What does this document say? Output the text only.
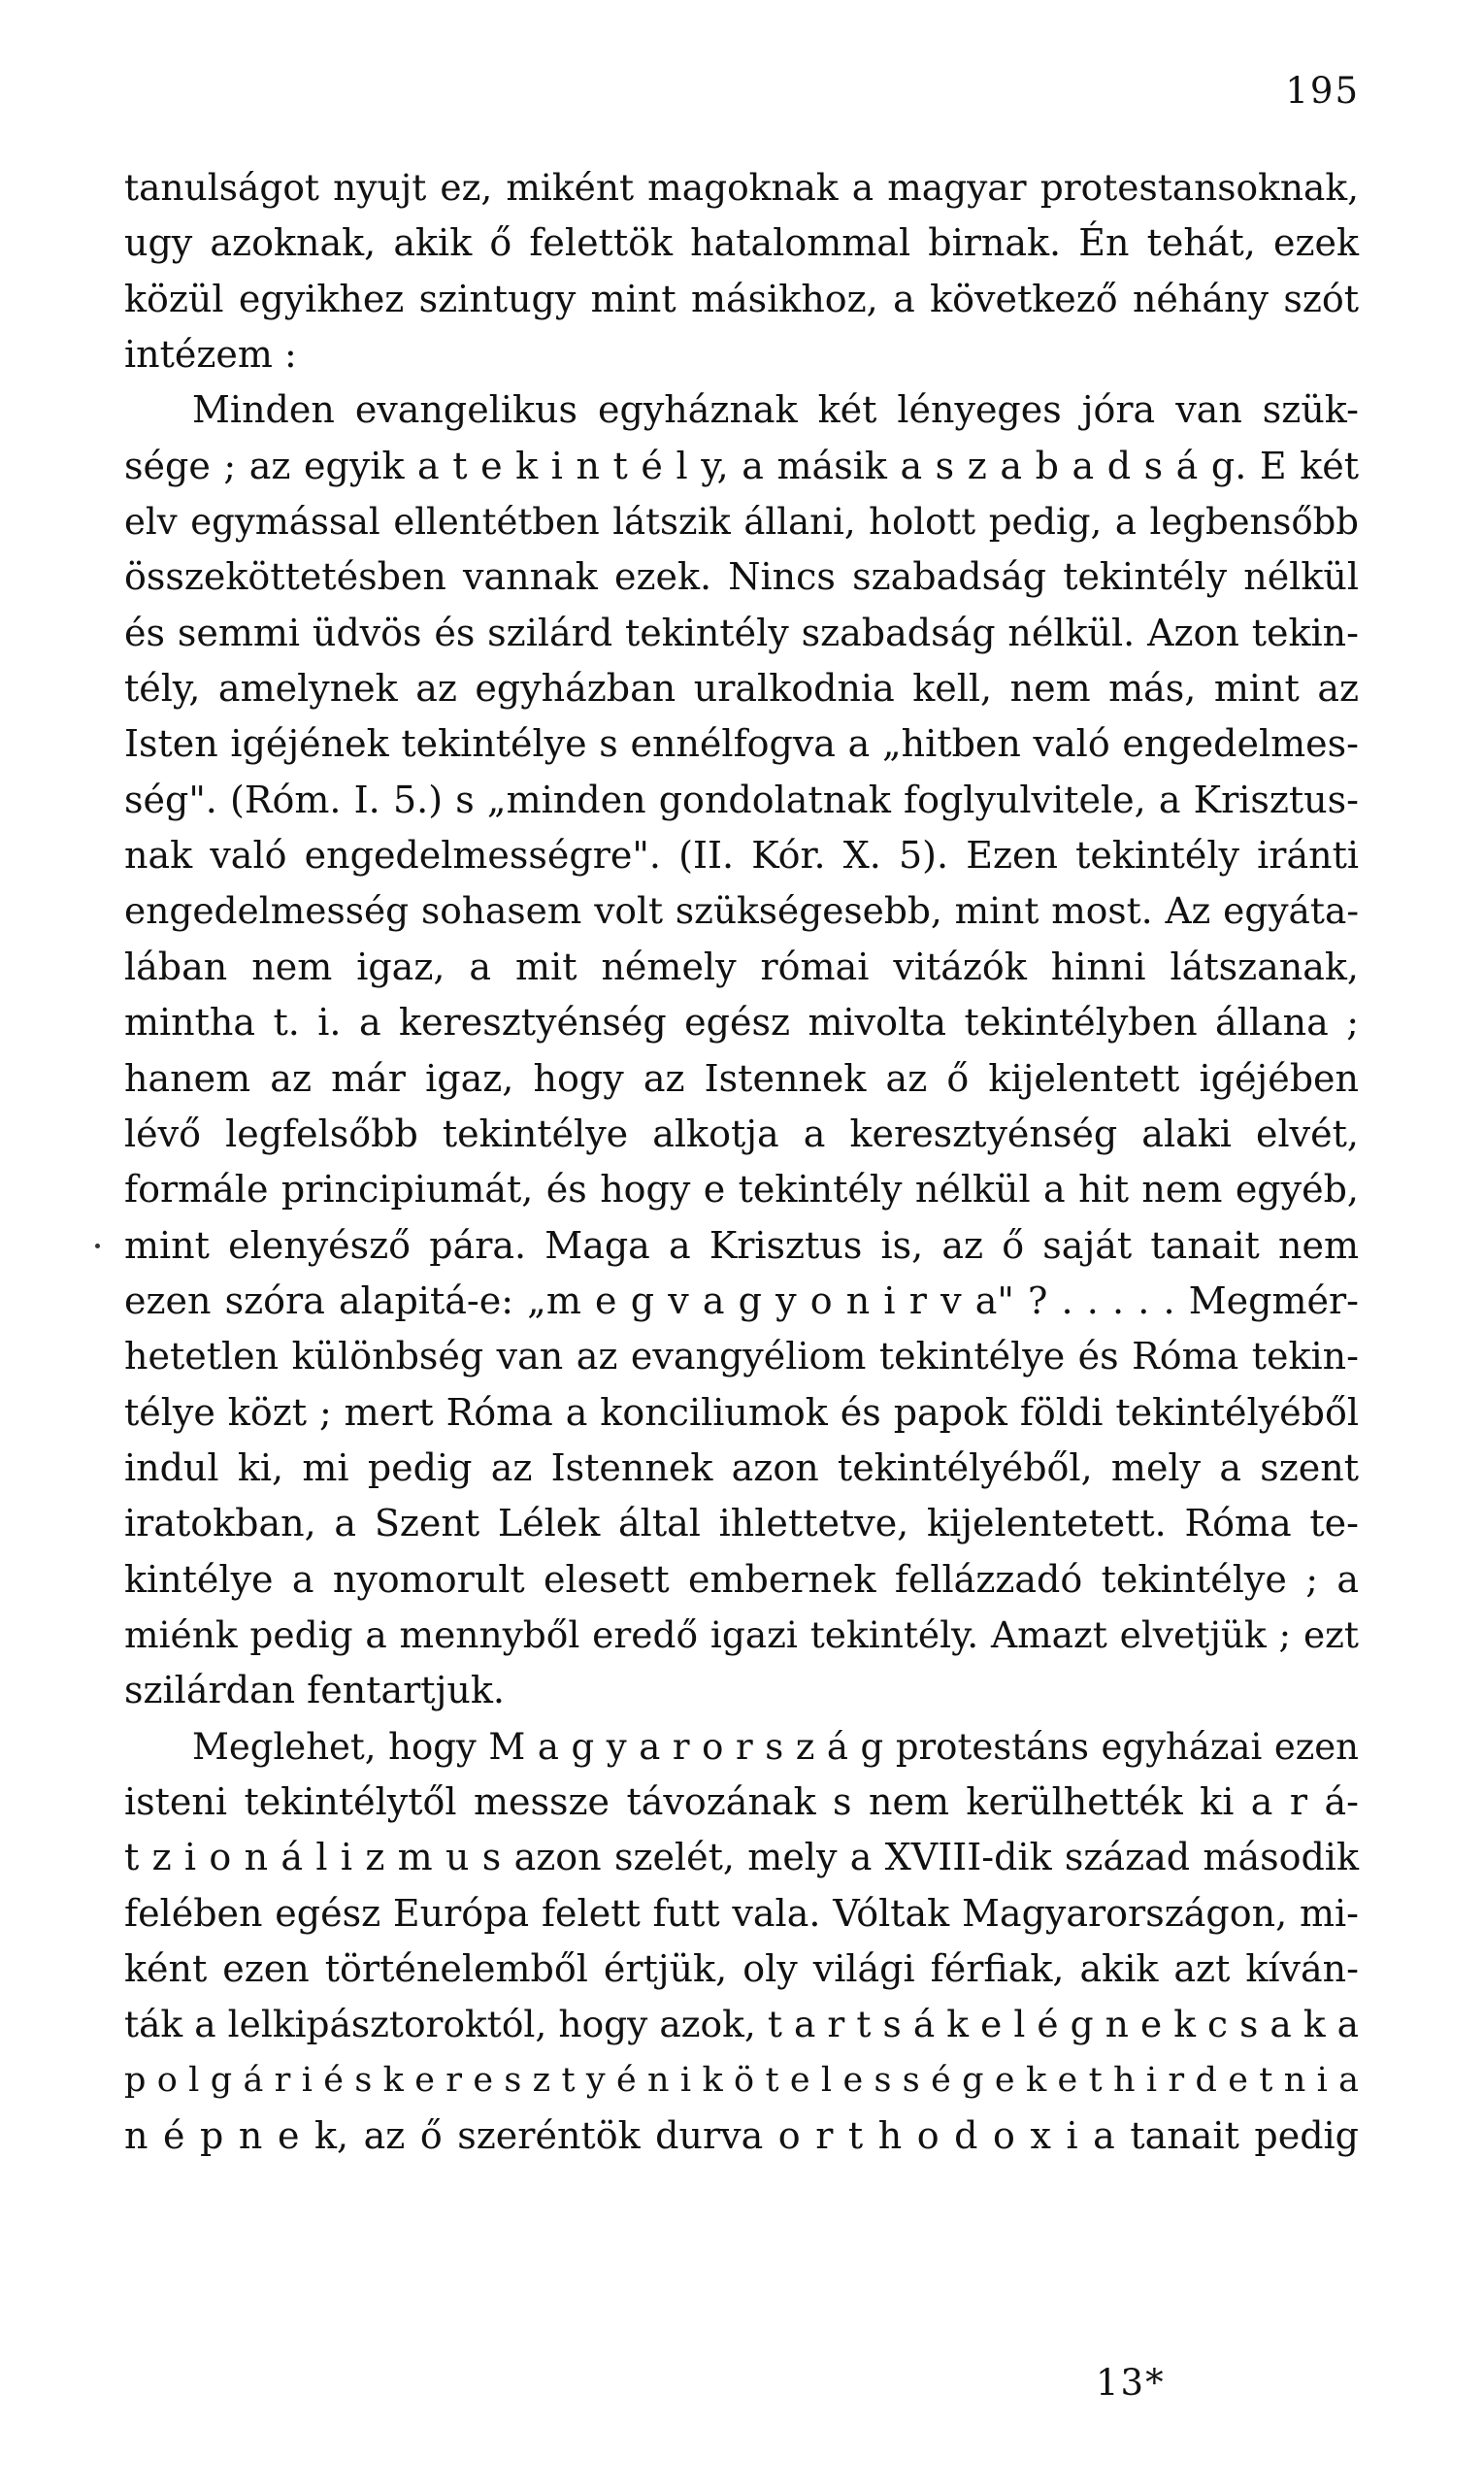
195
tanulságot nyujt ez, miként magoknak a magyar protestansoknak,
ugy azoknak, akik ő felettök hatalommal birnak. Én tehát, ezek
közül egyikhez szintugy mint másikhoz, a következő néhány szót
intézem :
Minden evangelikus egyháznak két lényeges jóra van szük-
sége ; az egyik a t e k i n t é l y, a másik a s z a b a d s á g. E két
elv egymással ellentétben látszik állani, holott pedig, a legbensőbb
összeköttetésben vannak ezek. Nincs szabadság tekintély nélkül
és semmi üdvös és szilárd tekintély szabadság nélkül. Azon tekin-
tély, amelynek az egyházban uralkodnia kell, nem más, mint az
Isten igéjének tekintélye s ennélfogva a „hitben való engedelmes-
ség". (Róm. I. 5.) s „minden gondolatnak foglyulvitele, a Krisztus-
nak való engedelmességre". (II. Kór. X. 5). Ezen tekintély iránti
engedelmesség sohasem volt szükségesebb, mint most. Az egyáta-
lában nem igaz, a mit némely római vitázók hinni látszanak,
mintha t. i. a keresztyénség egész mivolta tekintélyben állana ;
hanem az már igaz, hogy az Istennek az ő kijelentett igéjében
lévő legfelsőbb tekintélye alkotja a keresztyénség alaki elvét,
formále principiumát, és hogy e tekintély nélkül a hit nem egyéb,
mint elenyésző pára. Maga a Krisztus is, az ő saját tanait nem
ezen szóra alapitá-e: „m e g v a g y o n i r v a" ? . . . . . Megmér-
hetetlen különbség van az evangyéliom tekintélye és Róma tekin-
télye közt ; mert Róma a konciliumok és papok földi tekintélyéből
indul ki, mi pedig az Istennek azon tekintélyéből, mely a szent
iratokban, a Szent Lélek által ihlettetve, kijelentetett. Róma te-
kintélye a nyomorult elesett embernek fellázzadó tekintélye ; a
miénk pedig a mennyből eredő igazi tekintély. Amazt elvetjük ; ezt
szilárdan fentartjuk.
Meglehet, hogy M a g y a r o r s z á g protestáns egyházai ezen
isteni tekintélytől messze távozának s nem kerülhették ki a r á-
t z i o n á l i z m u s azon szelét, mely a XVIII-dik század második
felében egész Európa felett futt vala. Vóltak Magyarországon, mi-
ként ezen történelemből értjük, oly világi férfiak, akik azt kíván-
ták a lelkipásztoroktól, hogy azok, t a r t s á k e l é g n e k c s a k a
p o l g á r i é s k e r e s z t y é n i k ö t e l e s s é g e k e t h i r d e t n i a
n é p n e k, az ő szeréntök durva o r t h o d o x i a tanait pedig
13*
